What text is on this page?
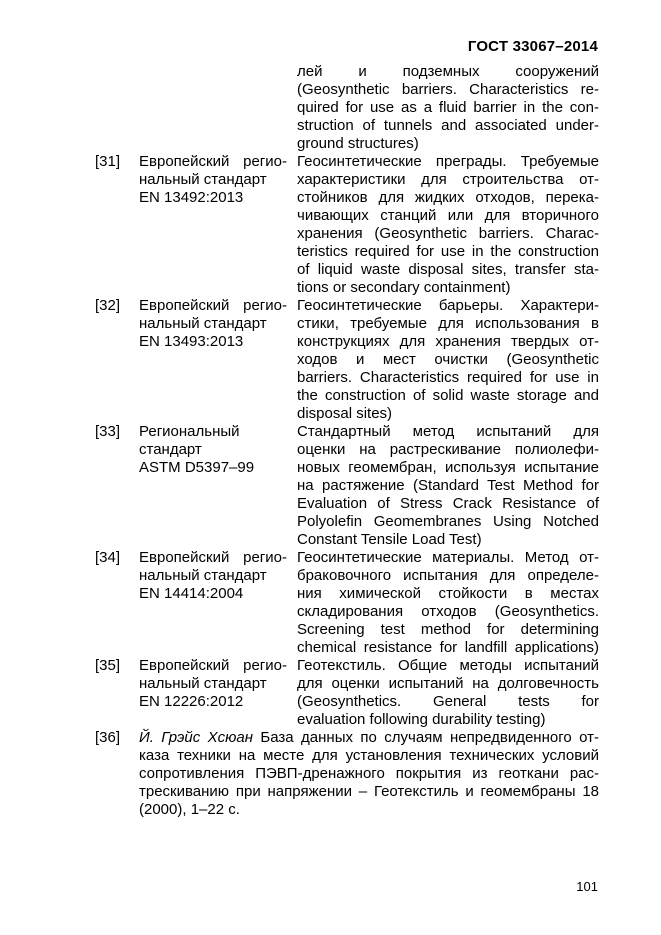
ГОСТ 33067–2014
лей и подземных сооружений
(Geosynthetic barriers. Characteristics re-
quired for use as a fluid barrier in the con-
struction of tunnels and associated under-
ground structures)
[31] Европейский регио-
нальный стандарт
EN 13492:2013
Геосинтетические преграды. Требуемые
характеристики для строительства от-
стойников для жидких отходов, перека-
чивающих станций или для вторичного
хранения (Geosynthetic barriers. Charac-
teristics required for use in the construction
of liquid waste disposal sites, transfer sta-
tions or secondary containment)
[32] Европейский регио-
нальный стандарт
EN 13493:2013
Геосинтетические барьеры. Характери-
стики, требуемые для использования в
конструкциях для хранения твердых от-
ходов и мест очистки (Geosynthetic
barriers. Characteristics required for use in
the construction of solid waste storage and
disposal sites)
[33] Региональный
стандарт
ASTM D5397–99
Стандартный метод испытаний для
оценки на растрескивание полиолефи-
новых геомембран, используя испытание
на растяжение (Standard Test Method for
Evaluation of Stress Crack Resistance of
Polyolefin Geomembranes Using Notched
Constant Tensile Load Test)
[34] Европейский регио-
нальный стандарт
EN 14414:2004
Геосинтетические материалы. Метод от-
браковочного испытания для определе-
ния химической стойкости в местах
складирования отходов (Geosynthetics.
Screening test method for determining
chemical resistance for landfill applications)
[35] Европейский регио-
нальный стандарт
EN 12226:2012
Геотекстиль. Общие методы испытаний
для оценки испытаний на долговечность
(Geosynthetics. General tests for
evaluation following durability testing)
[36] Й. Грэйс Хсюан База данных по случаям непредвиденного от-
каза техники на месте для установления технических условий
сопротивления ПЭВП-дренажного покрытия из геоткани рас-
трескиванию при напряжении – Геотекстиль и геомембраны 18
(2000), 1–22 с.
101
